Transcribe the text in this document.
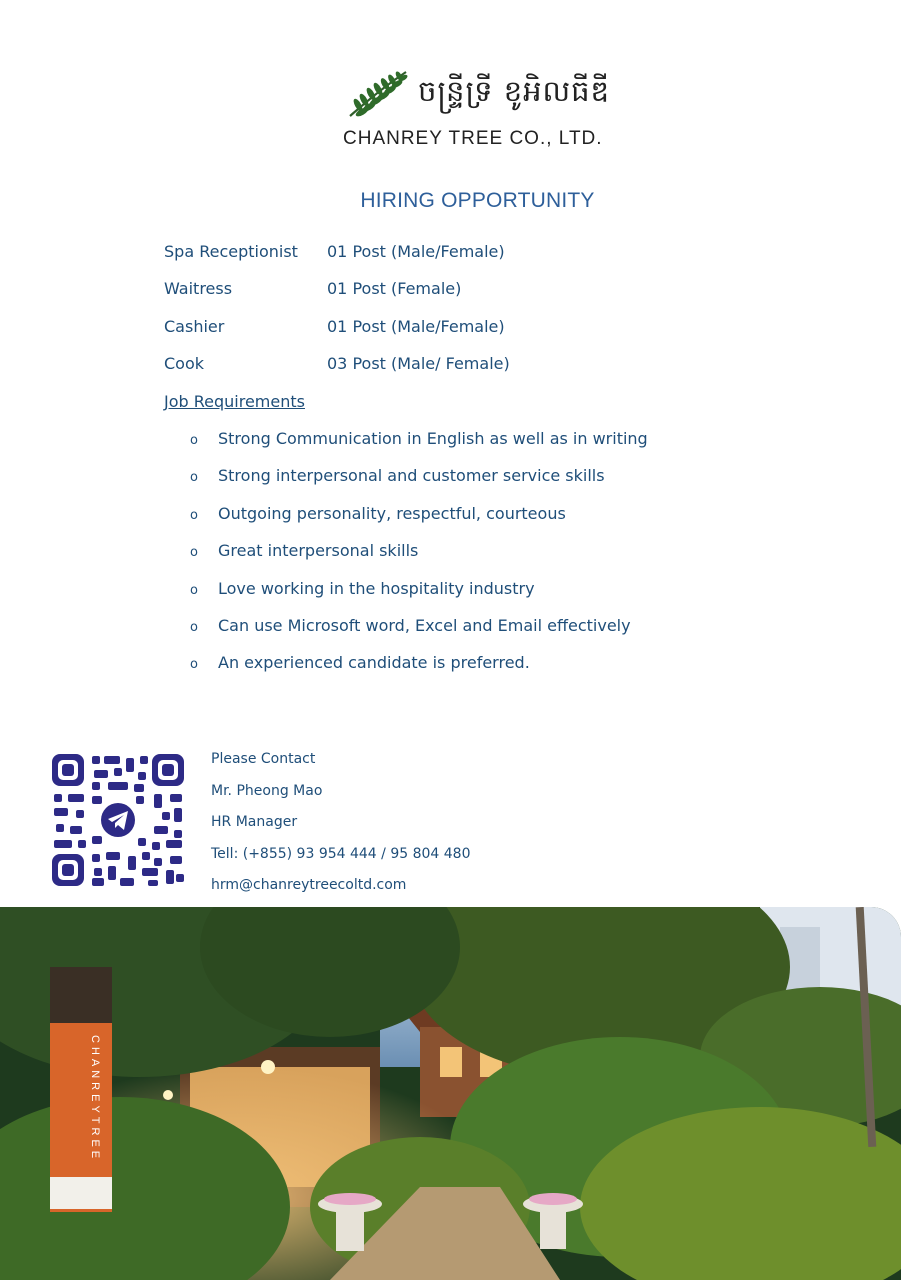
ចន្ទ្រីទ្រី ខូអិលធីឌី
CHANREY TREE CO., LTD.
HIRING OPPORTUNITY
Spa Receptionist 01 Post (Male/Female)
Waitress	01 Post (Female)
Cashier	01 Post (Male/Female)
Cook	03 Post (Male/ Female)
Job Requirements
o Strong Communication in English as well as in writing
o Strong interpersonal and customer service skills
o Outgoing personality, respectful, courteous
o Great interpersonal skills
o Love working in the hospitality industry
o Can use Microsoft word, Excel and Email effectively
o An experienced candidate is preferred.
Please Contact
Mr. Pheong Mao
HR Manager
Tell: (+855) 93 954 444 / 95 804 480
hrm@chanreytreecoltd.com
CHANREYTREE
